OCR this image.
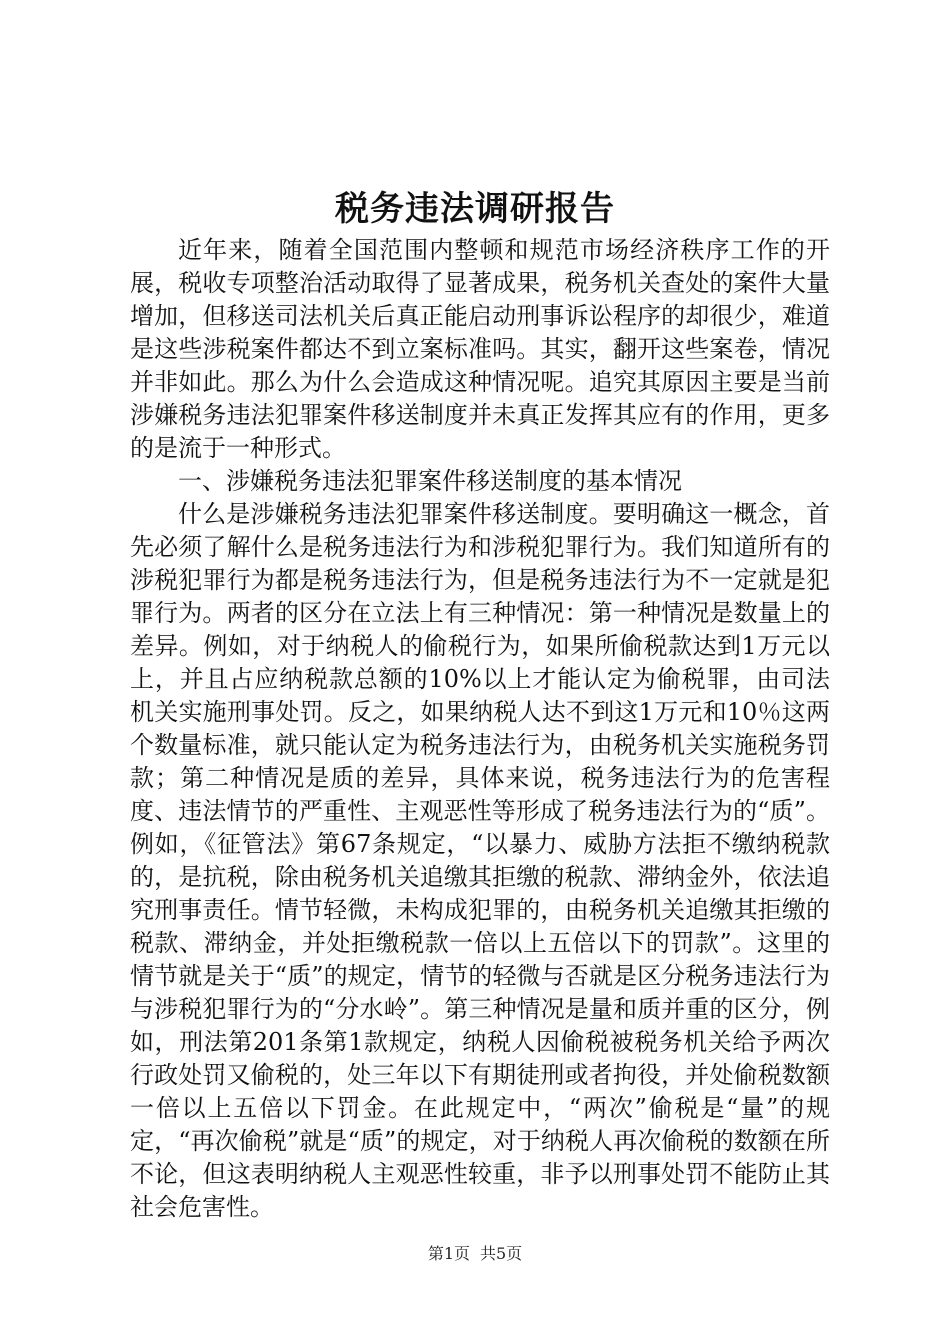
税务违法调研报告

近年来，随着全国范围内整顿和规范市场经济秩序工作的开展，税收专项整治活动取得了显著成果，税务机关查处的案件大量增加，但移送司法机关后真正能启动刑事诉讼程序的却很少，难道是这些涉税案件都达不到立案标准吗。其实，翻开这些案卷，情况并非如此。那么为什么会造成这种情况呢。追究其原因主要是当前涉嫌税务违法犯罪案件移送制度并未真正发挥其应有的作用，更多的是流于一种形式。

一、涉嫌税务违法犯罪案件移送制度的基本情况

什么是涉嫌税务违法犯罪案件移送制度。要明确这一概念，首先必须了解什么是税务违法行为和涉税犯罪行为。我们知道所有的涉税犯罪行为都是税务违法行为，但是税务违法行为不一定就是犯罪行为。两者的区分在立法上有三种情况：第一种情况是数量上的差异。例如，对于纳税人的偷税行为，如果所偷税款达到1万元以上，并且占应纳税款总额的10%以上才能认定为偷税罪，由司法机关实施刑事处罚。反之，如果纳税人达不到这1万元和10％这两个数量标准，就只能认定为税务违法行为，由税务机关实施税务罚款；第二种情况是质的差异，具体来说，税务违法行为的危害程度、违法情节的严重性、主观恶性等形成了税务违法行为的“质”。例如，《征管法》第67条规定，“以暴力、威胁方法拒不缴纳税款的，是抗税，除由税务机关追缴其拒缴的税款、滞纳金外，依法追究刑事责任。情节轻微，未构成犯罪的，由税务机关追缴其拒缴的税款、滞纳金，并处拒缴税款一倍以上五倍以下的罚款”。这里的情节就是关于“质”的规定，情节的轻微与否就是区分税务违法行为与涉税犯罪行为的“分水岭”。第三种情况是量和质并重的区分，例如，刑法第201条第1款规定，纳税人因偷税被税务机关给予两次行政处罚又偷税的，处三年以下有期徒刑或者拘役，并处偷税数额一倍以上五倍以下罚金。在此规定中，“两次”偷税是“量”的规定，“再次偷税”就是“质”的规定，对于纳税人再次偷税的数额在所不论，但这表明纳税人主观恶性较重，非予以刑事处罚不能防止其社会危害性。

第1页 共5页
